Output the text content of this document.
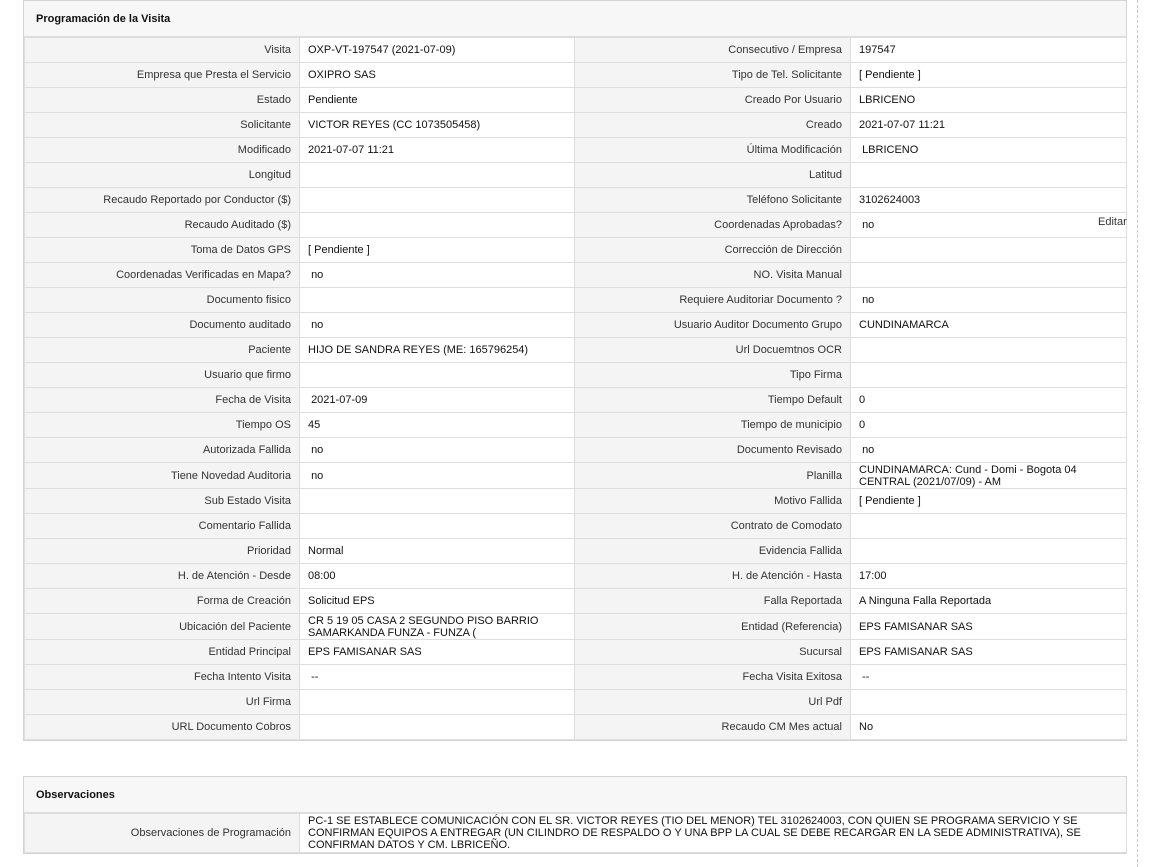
Programación de la Visita
Visita	OXP-VT-197547 (2021-07-09)	Consecutivo / Empresa	197547

Empresa que Presta el Servicio	OXIPRO SAS	Tipo de Tel. Solicitante	[ Pendiente ]

Estado	Pendiente	Creado Por Usuario	LBRICENO

Solicitante	VICTOR REYES (CC 1073505458)	Creado	2021-07-07 11:21

Modificado	2021-07-07 11:21	Última Modificación	LBRICENO

Longitud		Latitud	

Recaudo Reportado por Conductor ($)		Teléfono Solicitante	3102624003

Recaudo Auditado ($)		Coordenadas Aprobadas?	no

Toma de Datos GPS	[ Pendiente ]	Corrección de Dirección	

Coordenadas Verificadas en Mapa?	no	NO. Visita Manual	

Documento fisico		Requiere Auditoriar Documento ?	no

Documento auditado	no	Usuario Auditor Documento Grupo	CUNDINAMARCA

Paciente	HIJO DE SANDRA REYES (ME: 165796254)	Url Docuemtnos OCR	

Usuario que firmo		Tipo Firma	

Fecha de Visita	2021-07-09	Tiempo Default	0

Tiempo OS	45	Tiempo de municipio	0

Autorizada Fallida	no	Documento Revisado	no

Tiene Novedad Auditoria	no	Planilla	CUNDINAMARCA: Cund - Domi - Bogota 04 CENTRAL (2021/07/09) - AM

Sub Estado Visita		Motivo Fallida	[ Pendiente ]

Comentario Fallida		Contrato de Comodato	

Prioridad	Normal	Evidencia Fallida	

H. de Atención - Desde	08:00	H. de Atención - Hasta	17:00

Forma de Creación	Solicitud EPS	Falla Reportada	A Ninguna Falla Reportada

Ubicación del Paciente	CR 5 19 05 CASA 2 SEGUNDO PISO BARRIO SAMARKANDA FUNZA - FUNZA (	Entidad (Referencia)	EPS FAMISANAR SAS

Entidad Principal	EPS FAMISANAR SAS	Sucursal	EPS FAMISANAR SAS

Fecha Intento Visita	--	Fecha Visita Exitosa	--

Url Firma		Url Pdf	

URL Documento Cobros		Recaudo CM Mes actual	No
Editar
Observaciones
Observaciones de Programación	
PC-1 SE ESTABLECE COMUNICACIÓN CON EL SR. VICTOR REYES (TIO DEL MENOR) TEL 3102624003, CON QUIEN SE PROGRAMA SERVICIO Y SE CONFIRMAN EQUIPOS A ENTREGAR (UN CILINDRO DE RESPALDO O Y UNA BPP LA CUAL SE DEBE RECARGAR EN LA SEDE ADMINISTRATIVA), SE CONFIRMAN DATOS Y CM. LBRICEÑO.
